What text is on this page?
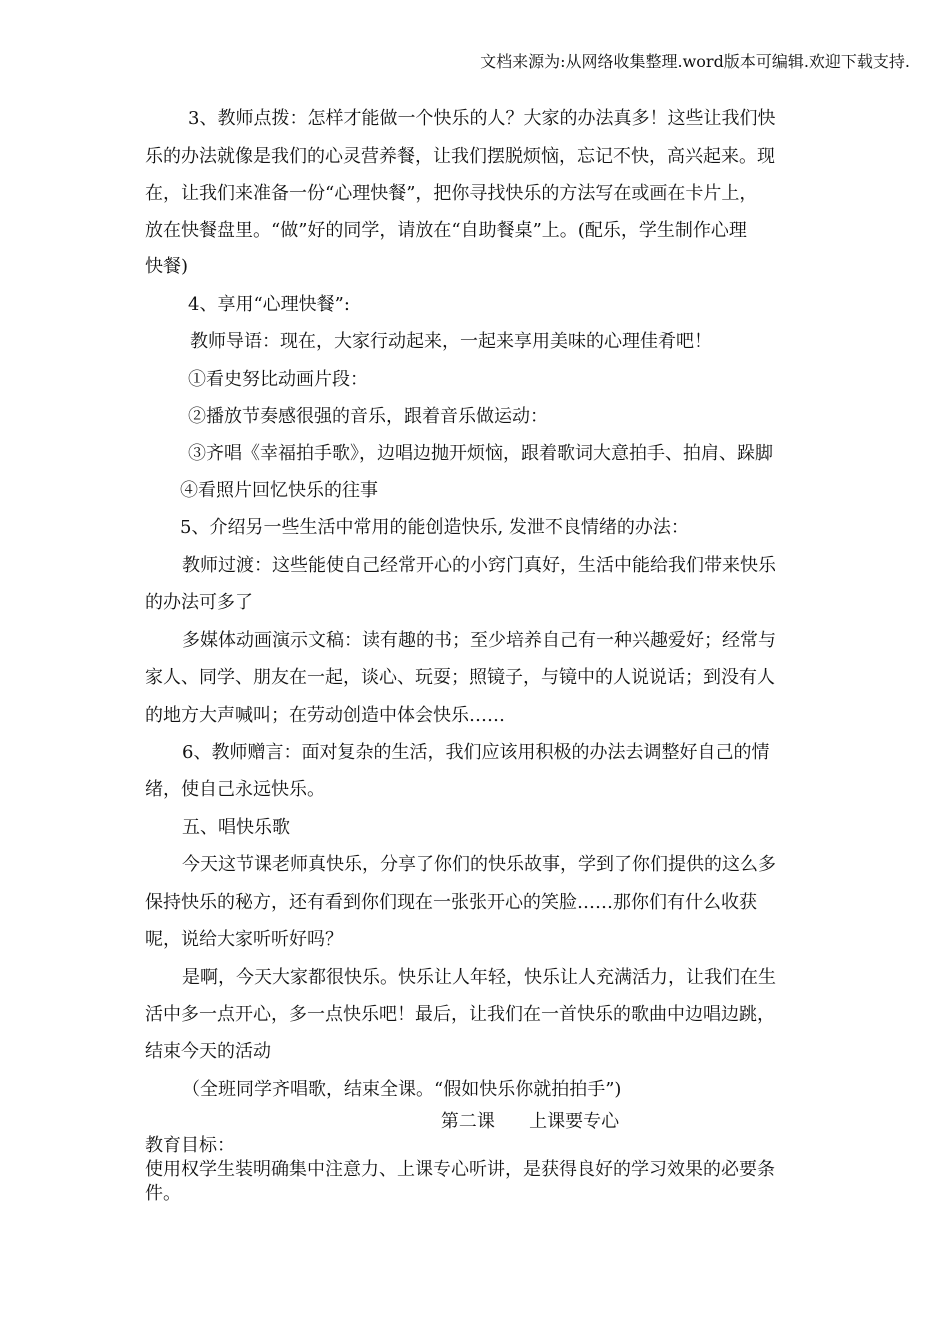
文档来源为:从网络收集整理.word版本可编辑.欢迎下载支持.
3、教师点拨：怎样才能做一个快乐的人？大家的办法真多！这些让我们快
乐的办法就像是我们的心灵营养餐，让我们摆脱烦恼，忘记不快，高兴起来。现
在，让我们来准备一份“心理快餐”，把你寻找快乐的方法写在或画在卡片上，
放在快餐盘里。“做”好的同学，请放在“自助餐桌”上。(配乐，学生制作心理
快餐)
4、享用“心理快餐”:
教师导语：现在，大家行动起来，一起来享用美味的心理佳肴吧！
①看史努比动画片段：
②播放节奏感很强的音乐，跟着音乐做运动：
③齐唱《幸福拍手歌》，边唱边抛开烦恼，跟着歌词大意拍手、拍肩、跺脚
④看照片回忆快乐的往事
5、介绍另一些生活中常用的能创造快乐, 发泄不良情绪的办法：
教师过渡：这些能使自己经常开心的小窍门真好，生活中能给我们带来快乐
的办法可多了
多媒体动画演示文稿：读有趣的书；至少培养自己有一种兴趣爱好；经常与
家人、同学、朋友在一起，谈心、玩耍；照镜子，与镜中的人说说话；到没有人
的地方大声喊叫；在劳动创造中体会快乐……
6、教师赠言：面对复杂的生活，我们应该用积极的办法去调整好自己的情
绪，使自己永远快乐。
五、唱快乐歌
今天这节课老师真快乐，分享了你们的快乐故事，学到了你们提供的这么多
保持快乐的秘方，还有看到你们现在一张张开心的笑脸……那你们有什么收获
呢，说给大家听听好吗？
是啊，今天大家都很快乐。快乐让人年轻，快乐让人充满活力，让我们在生
活中多一点开心，多一点快乐吧！最后，让我们在一首快乐的歌曲中边唱边跳，
结束今天的活动
（全班同学齐唱歌，结束全课。“假如快乐你就拍拍手”)
第二课      上课要专心
教育目标：
使用权学生装明确集中注意力、上课专心听讲，是获得良好的学习效果的必要条
件。
